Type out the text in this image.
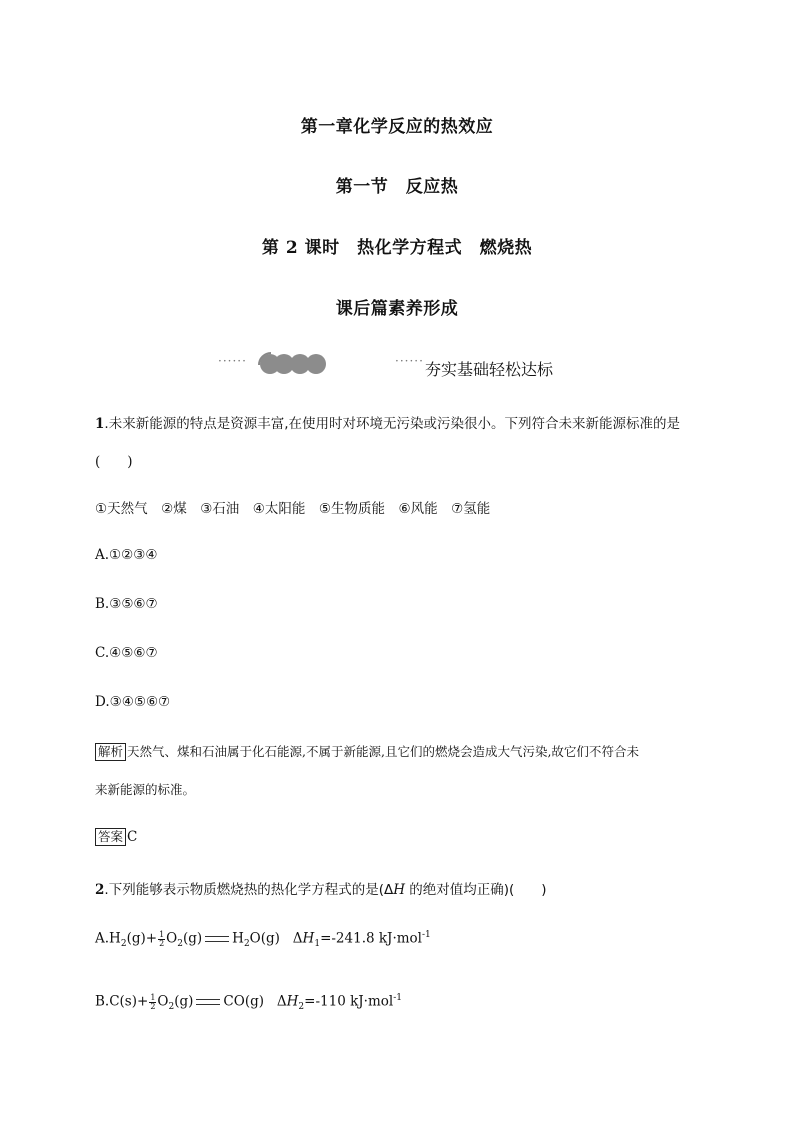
第一章化学反应的热效应
第一节　反应热
第 2 课时　热化学方程式　燃烧热
课后篇素养形成
······	······ 夯实基础轻松达标
1.未来新能源的特点是资源丰富,在使用时对环境无污染或污染很小。下列符合未来新能源标准的是
(　　)
①天然气　②煤　③石油　④太阳能　⑤生物质能　⑥风能　⑦氢能
A.①②③④
B.③⑤⑥⑦
C.④⑤⑥⑦
D.③④⑤⑥⑦
解析 天然气、煤和石油属于化石能源,不属于新能源,且它们的燃烧会造成大气污染,故它们不符合未
来新能源的标准。
答案 C
2.下列能够表示物质燃烧热的热化学方程式的是(ΔH 的绝对值均正确)(　　)
$A.H_2(g)+ \frac{1}{2} O_2(g)$ $H_2O(g)$ $\Delta H_1=-241.8$ kJ·mol$^{-1}$
$B.C(s)+ \frac{1}{2} O_2(g)$ CO(g) $\Delta H_2=-110$ kJ·mol$^{-1}$
